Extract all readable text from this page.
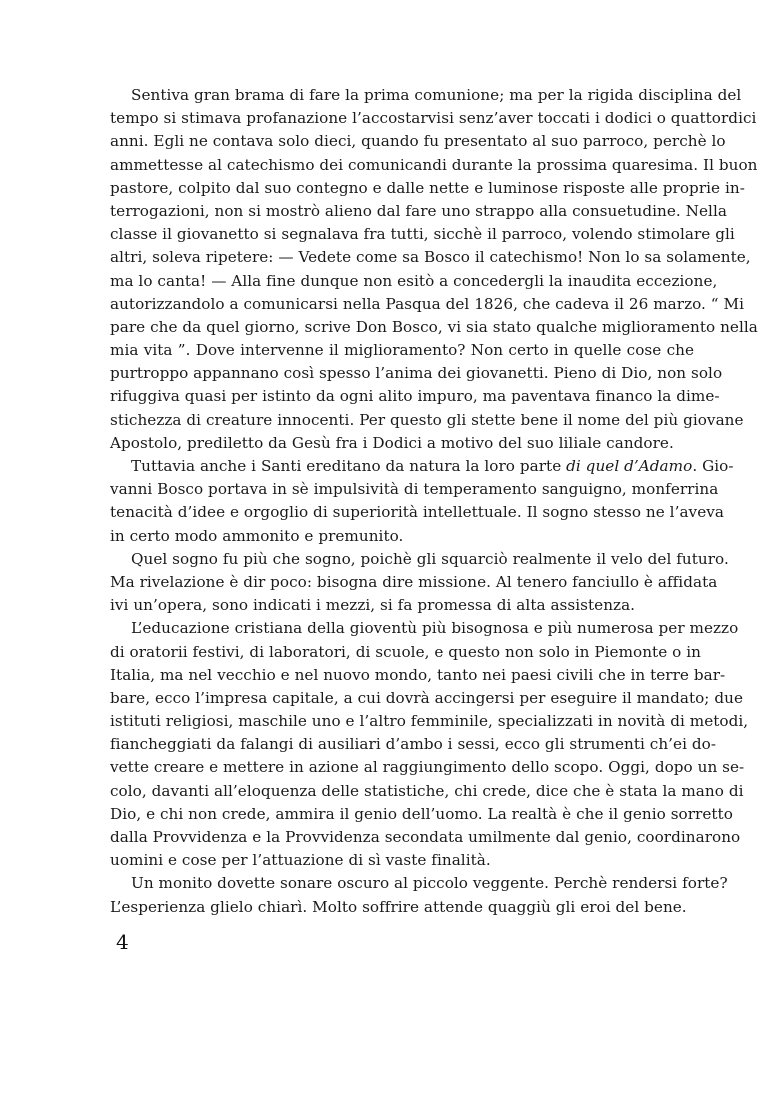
Sentiva gran brama di fare la prima comunione; ma per la rigida disciplina del
tempo si stimava profanazione l’accostarvisi senz’aver toccati i dodici o quattordici
anni. Egli ne contava solo dieci, quando fu presentato al suo parroco, perchè lo
ammettesse al catechismo dei comunicandi durante la prossima quaresima. Il buon
pastore, colpito dal suo contegno e dalle nette e luminose risposte alle proprie in-
terrogazioni, non si mostrò alieno dal fare uno strappo alla consuetudine. Nella
classe il giovanetto si segnalava fra tutti, sicchè il parroco, volendo stimolare gli
altri, soleva ripetere: — Vedete come sa Bosco il catechismo! Non lo sa solamente,
ma lo canta! — Alla fine dunque non esitò a concedergli la inaudita eccezione,
autorizzandolo a comunicarsi nella Pasqua del 1826, che cadeva il 26 marzo. “ Mi
pare che da quel giorno, scrive Don Bosco, vi sia stato qualche miglioramento nella
mia vita ”. Dove intervenne il miglioramento? Non certo in quelle cose che
purtroppo appannano così spesso l’anima dei giovanetti. Pieno di Dio, non solo
rifuggiva quasi per istinto da ogni alito impuro, ma paventava financo la dime-
stichezza di creature innocenti. Per questo gli stette bene il nome del più giovane
Apostolo, prediletto da Gesù fra i Dodici a motivo del suo liliale candore.
Tuttavia anche i Santi ereditano da natura la loro parte di quel d’Adamo. Gio-
vanni Bosco portava in sè impulsività di temperamento sanguigno, monferrina
tenacità d’idee e orgoglio di superiorità intellettuale. Il sogno stesso ne l’aveva
in certo modo ammonito e premunito.
Quel sogno fu più che sogno, poichè gli squarciò realmente il velo del futuro.
Ma rivelazione è dir poco: bisogna dire missione. Al tenero fanciullo è affidata
ivi un’opera, sono indicati i mezzi, si fa promessa di alta assistenza.
L’educazione cristiana della gioventù più bisognosa e più numerosa per mezzo
di oratorii festivi, di laboratori, di scuole, e questo non solo in Piemonte o in
Italia, ma nel vecchio e nel nuovo mondo, tanto nei paesi civili che in terre bar-
bare, ecco l’impresa capitale, a cui dovrà accingersi per eseguire il mandato; due
istituti religiosi, maschile uno e l’altro femminile, specializzati in novità di metodi,
fiancheggiati da falangi di ausiliari d’ambo i sessi, ecco gli strumenti ch’ei do-
vette creare e mettere in azione al raggiungimento dello scopo. Oggi, dopo un se-
colo, davanti all’eloquenza delle statistiche, chi crede, dice che è stata la mano di
Dio, e chi non crede, ammira il genio dell’uomo. La realtà è che il genio sorretto
dalla Provvidenza e la Provvidenza secondata umilmente dal genio, coordinarono
uomini e cose per l’attuazione di sì vaste finalità.
Un monito dovette sonare oscuro al piccolo veggente. Perchè rendersi forte?
L’esperienza glielo chiarì. Molto soffrire attende quaggiù gli eroi del bene.
4
